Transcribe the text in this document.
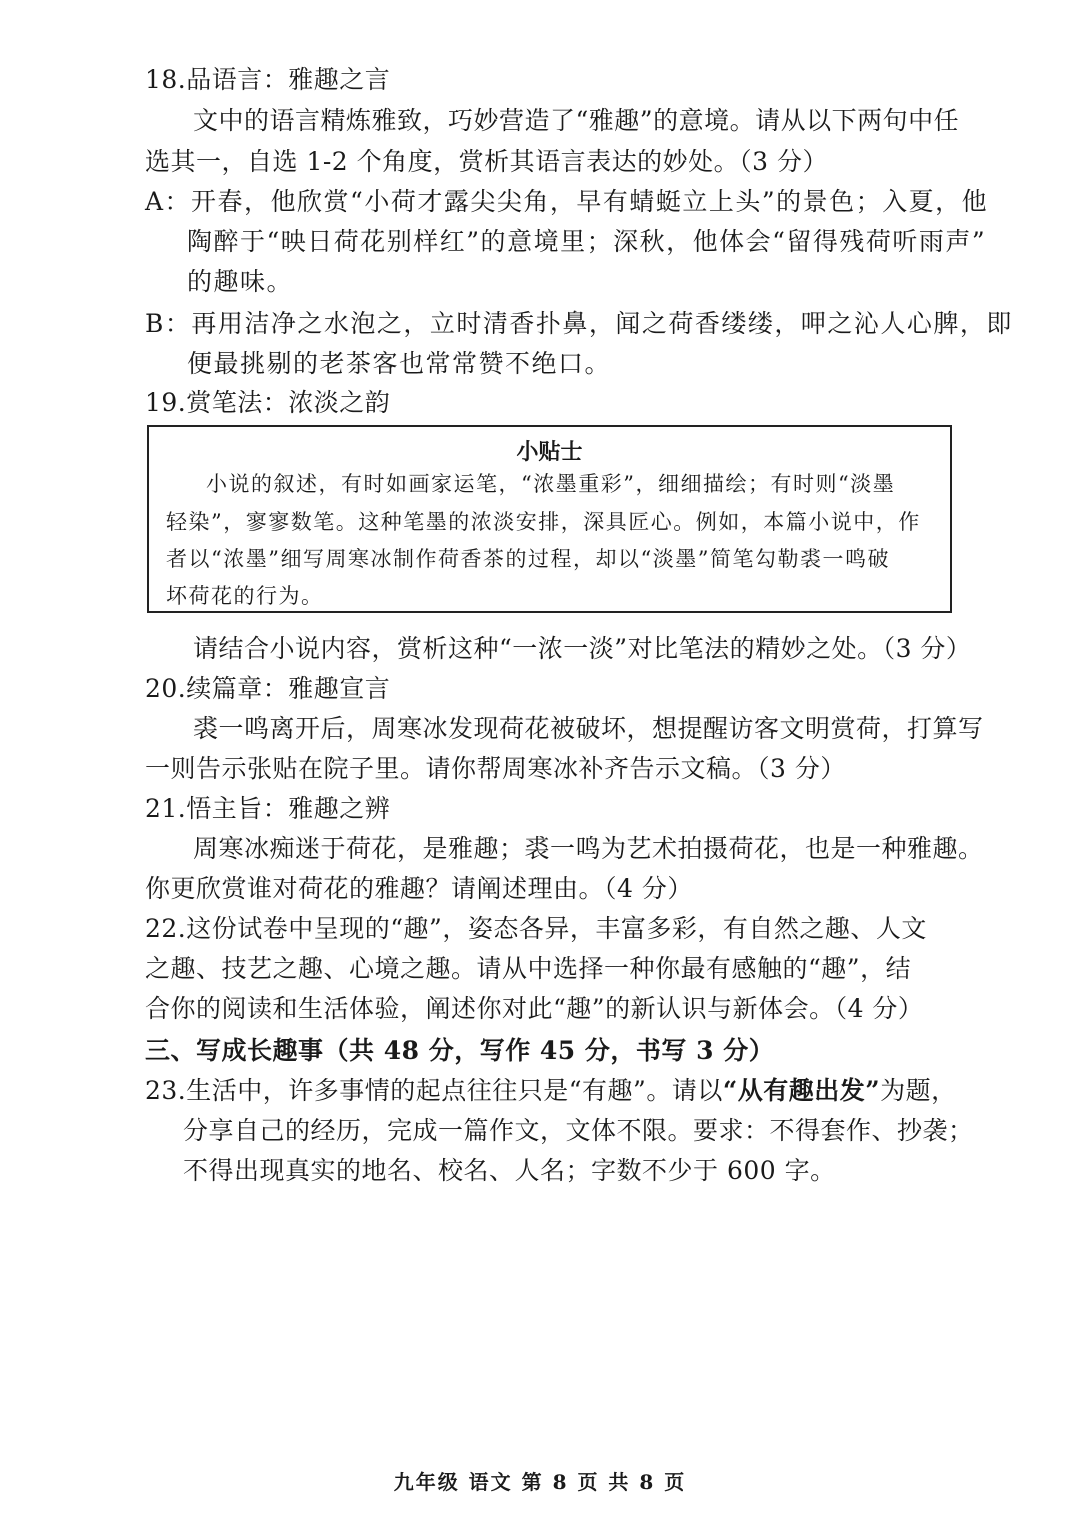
18.品语言：雅趣之言
文中的语言精炼雅致，巧妙营造了“雅趣”的意境。请从以下两句中任
选其一，自选 1-2 个角度，赏析其语言表达的妙处。（3 分）
A：开春，他欣赏“小荷才露尖尖角，早有蜻蜓立上头”的景色；入夏，他
陶醉于“映日荷花别样红”的意境里；深秋，他体会“留得残荷听雨声”
的趣味。
B：再用洁净之水泡之，立时清香扑鼻，闻之荷香缕缕，呷之沁人心脾，即
便最挑剔的老茶客也常常赞不绝口。
19.赏笔法：浓淡之韵
小贴士
小说的叙述，有时如画家运笔，“浓墨重彩”，细细描绘；有时则“淡墨
轻染”，寥寥数笔。这种笔墨的浓淡安排，深具匠心。例如，本篇小说中，作
者以“浓墨”细写周寒冰制作荷香茶的过程，却以“淡墨”简笔勾勒裘一鸣破
坏荷花的行为。
请结合小说内容，赏析这种“一浓一淡”对比笔法的精妙之处。（3 分）
20.续篇章：雅趣宣言
裘一鸣离开后，周寒冰发现荷花被破坏，想提醒访客文明赏荷，打算写
一则告示张贴在院子里。请你帮周寒冰补齐告示文稿。（3 分）
21.悟主旨：雅趣之辨
周寒冰痴迷于荷花，是雅趣；裘一鸣为艺术拍摄荷花，也是一种雅趣。
你更欣赏谁对荷花的雅趣？请阐述理由。（4 分）
22.这份试卷中呈现的“趣”，姿态各异，丰富多彩，有自然之趣、人文
之趣、技艺之趣、心境之趣。请从中选择一种你最有感触的“趣”，结
合你的阅读和生活体验，阐述你对此“趣”的新认识与新体会。（4 分）
三、写成长趣事（共 48 分，写作 45 分，书写 3 分）
23.生活中，许多事情的起点往往只是“有趣”。请以“从有趣出发”为题，
分享自己的经历，完成一篇作文，文体不限。要求：不得套作、抄袭；
不得出现真实的地名、校名、人名；字数不少于 600 字。
九年级 语文 第 8 页 共 8 页
